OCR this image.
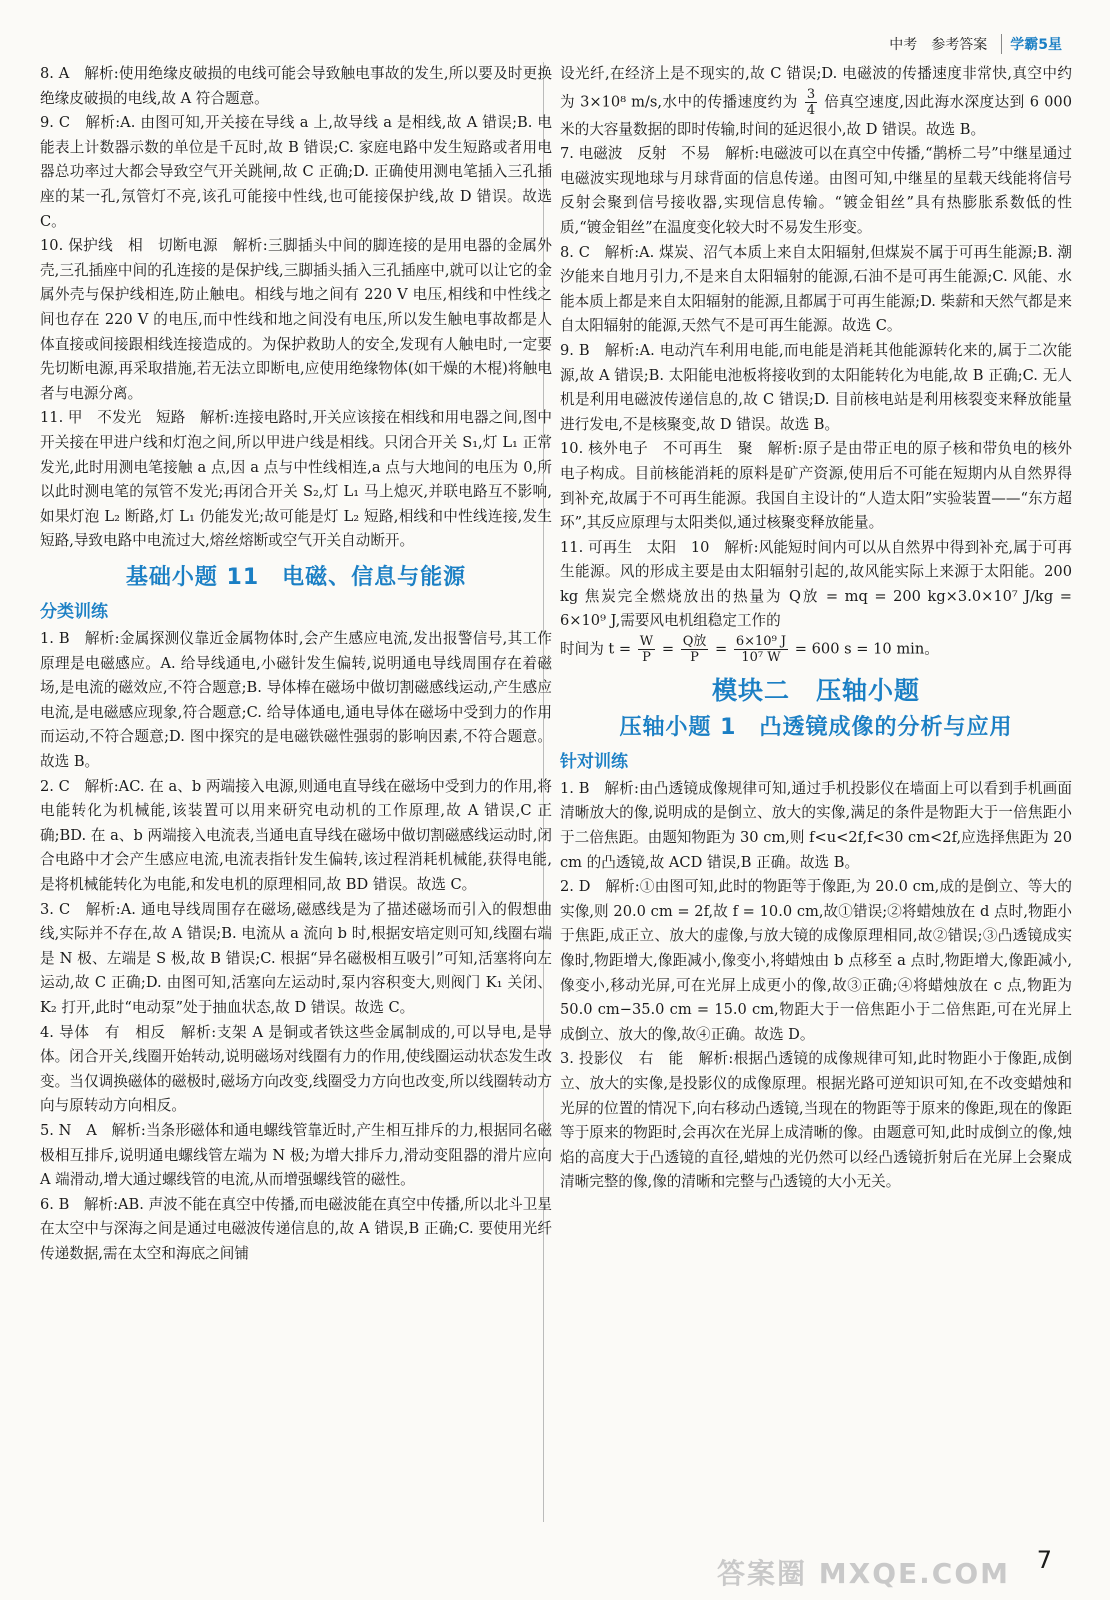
中考 参考答案	学霸5星

8. A　解析:使用绝缘皮破损的电线可能会导致触电事故的发生,所以要及时更换绝缘皮破损的电线,故 A 符合题意。

9. C　解析:A. 由图可知,开关接在导线 a 上,故导线 a 是相线,故 A 错误;B. 电能表上计数器示数的单位是千瓦时,故 B 错误;C. 家庭电路中发生短路或者用电器总功率过大都会导致空气开关跳闸,故 C 正确;D. 正确使用测电笔插入三孔插座的某一孔,氖管灯不亮,该孔可能接中性线,也可能接保护线,故 D 错误。故选 C。

10. 保护线　相　切断电源　解析:三脚插头中间的脚连接的是用电器的金属外壳,三孔插座中间的孔连接的是保护线,三脚插头插入三孔插座中,就可以让它的金属外壳与保护线相连,防止触电。相线与地之间有 220 V 电压,相线和中性线之间也存在 220 V 的电压,而中性线和地之间没有电压,所以发生触电事故都是人体直接或间接跟相线连接造成的。为保护救助人的安全,发现有人触电时,一定要先切断电源,再采取措施,若无法立即断电,应使用绝缘物体(如干燥的木棍)将触电者与电源分离。

11. 甲　不发光　短路　解析:连接电路时,开关应该接在相线和用电器之间,图中开关接在甲进户线和灯泡之间,所以甲进户线是相线。只闭合开关 S₁,灯 L₁ 正常发光,此时用测电笔接触 a 点,因 a 点与中性线相连,a 点与大地间的电压为 0,所以此时测电笔的氖管不发光;再闭合开关 S₂,灯 L₁ 马上熄灭,并联电路互不影响,如果灯泡 L₂ 断路,灯 L₁ 仍能发光;故可能是灯 L₂ 短路,相线和中性线连接,发生短路,导致电路中电流过大,熔丝熔断或空气开关自动断开。

基础小题 11　电磁、信息与能源
分类训练

1. B　解析:金属探测仪靠近金属物体时,会产生感应电流,发出报警信号,其工作原理是电磁感应。A. 给导线通电,小磁针发生偏转,说明通电导线周围存在着磁场,是电流的磁效应,不符合题意;B. 导体棒在磁场中做切割磁感线运动,产生感应电流,是电磁感应现象,符合题意;C. 给导体通电,通电导体在磁场中受到力的作用而运动,不符合题意;D. 图中探究的是电磁铁磁性强弱的影响因素,不符合题意。故选 B。

2. C　解析:AC. 在 a、b 两端接入电源,则通电直导线在磁场中受到力的作用,将电能转化为机械能,该装置可以用来研究电动机的工作原理,故 A 错误,C 正确;BD. 在 a、b 两端接入电流表,当通电直导线在磁场中做切割磁感线运动时,闭合电路中才会产生感应电流,电流表指针发生偏转,该过程消耗机械能,获得电能,是将机械能转化为电能,和发电机的原理相同,故 BD 错误。故选 C。

3. C　解析:A. 通电导线周围存在磁场,磁感线是为了描述磁场而引入的假想曲线,实际并不存在,故 A 错误;B. 电流从 a 流向 b 时,根据安培定则可知,线圈右端是 N 极、左端是 S 极,故 B 错误;C. 根据“异名磁极相互吸引”可知,活塞将向左运动,故 C 正确;D. 由图可知,活塞向左运动时,泵内容积变大,则阀门 K₁ 关闭、K₂ 打开,此时“电动泵”处于抽血状态,故 D 错误。故选 C。

4. 导体　有　相反　解析:支架 A 是铜或者铁这些金属制成的,可以导电,是导体。闭合开关,线圈开始转动,说明磁场对线圈有力的作用,使线圈运动状态发生改变。当仅调换磁体的磁极时,磁场方向改变,线圈受力方向也改变,所以线圈转动方向与原转动方向相反。

5. N　A　解析:当条形磁体和通电螺线管靠近时,产生相互排斥的力,根据同名磁极相互排斥,说明通电螺线管左端为 N 极;为增大排斥力,滑动变阻器的滑片应向 A 端滑动,增大通过螺线管的电流,从而增强螺线管的磁性。

6. B　解析:AB. 声波不能在真空中传播,而电磁波能在真空中传播,所以北斗卫星在太空中与深海之间是通过电磁波传递信息的,故 A 错误,B 正确;C. 要使用光纤传递数据,需在太空和海底之间铺

设光纤,在经济上是不现实的,故 C 错误;D. 电磁波的传播速度非常快,真空中约为 3×10⁸ m/s,水中的传播速度约为 $\frac{3}{4}$ 倍真空速度,因此海水深度达到 6 000 米的大容量数据的即时传输,时间的延迟很小,故 D 错误。故选 B。

7. 电磁波　反射　不易　解析:电磁波可以在真空中传播,“鹊桥二号”中继星通过电磁波实现地球与月球背面的信息传递。由图可知,中继星的星载天线能将信号反射会聚到信号接收器,实现信息传输。“镀金钼丝”具有热膨胀系数低的性质,“镀金钼丝”在温度变化较大时不易发生形变。

8. C　解析:A. 煤炭、沼气本质上来自太阳辐射,但煤炭不属于可再生能源;B. 潮汐能来自地月引力,不是来自太阳辐射的能源,石油不是可再生能源;C. 风能、水能本质上都是来自太阳辐射的能源,且都属于可再生能源;D. 柴薪和天然气都是来自太阳辐射的能源,天然气不是可再生能源。故选 C。

9. B　解析:A. 电动汽车利用电能,而电能是消耗其他能源转化来的,属于二次能源,故 A 错误;B. 太阳能电池板将接收到的太阳能转化为电能,故 B 正确;C. 无人机是利用电磁波传递信息的,故 C 错误;D. 目前核电站是利用核裂变来释放能量进行发电,不是核聚变,故 D 错误。故选 B。

10. 核外电子　不可再生　聚　解析:原子是由带正电的原子核和带负电的核外电子构成。目前核能消耗的原料是矿产资源,使用后不可能在短期内从自然界得到补充,故属于不可再生能源。我国自主设计的“人造太阳”实验装置——“东方超环”,其反应原理与太阳类似,通过核聚变释放能量。

11. 可再生　太阳　10　解析:风能短时间内可以从自然界中得到补充,属于可再生能源。风的形成主要是由太阳辐射引起的,故风能实际上来源于太阳能。200 kg 焦炭完全燃烧放出的热量为 Q放 = mq = 200 kg×3.0×10⁷ J/kg = 6×10⁹ J,需要风电机组稳定工作的

时间为 $t = \frac{W}{P} = \frac{\text{Q放}}{P} = \frac{\text{6×10⁹ J}}{\text{10⁷ W}} = 600$ s = 10 min。

模块二　压轴小题
压轴小题 1　凸透镜成像的分析与应用
针对训练

1. B　解析:由凸透镜成像规律可知,通过手机投影仪在墙面上可以看到手机画面清晰放大的像,说明成的是倒立、放大的实像,满足的条件是物距大于一倍焦距小于二倍焦距。由题知物距为 30 cm,则 f<u<2f,f<30 cm<2f,应选择焦距为 20 cm 的凸透镜,故 ACD 错误,B 正确。故选 B。

2. D　解析:①由图可知,此时的物距等于像距,为 20.0 cm,成的是倒立、等大的实像,则 20.0 cm = 2f,故 f = 10.0 cm,故①错误;②将蜡烛放在 d 点时,物距小于焦距,成正立、放大的虚像,与放大镜的成像原理相同,故②错误;③凸透镜成实像时,物距增大,像距减小,像变小,将蜡烛由 b 点移至 a 点时,物距增大,像距减小,像变小,移动光屏,可在光屏上成更小的像,故③正确;④将蜡烛放在 c 点,物距为 50.0 cm−35.0 cm = 15.0 cm,物距大于一倍焦距小于二倍焦距,可在光屏上成倒立、放大的像,故④正确。故选 D。

3. 投影仪　右　能　解析:根据凸透镜的成像规律可知,此时物距小于像距,成倒立、放大的实像,是投影仪的成像原理。根据光路可逆知识可知,在不改变蜡烛和光屏的位置的情况下,向右移动凸透镜,当现在的物距等于原来的像距,现在的像距等于原来的物距时,会再次在光屏上成清晰的像。由题意可知,此时成倒立的像,烛焰的高度大于凸透镜的直径,蜡烛的光仍然可以经凸透镜折射后在光屏上会聚成清晰完整的像,像的清晰和完整与凸透镜的大小无关。

答案圈 MXQE.COM 7
